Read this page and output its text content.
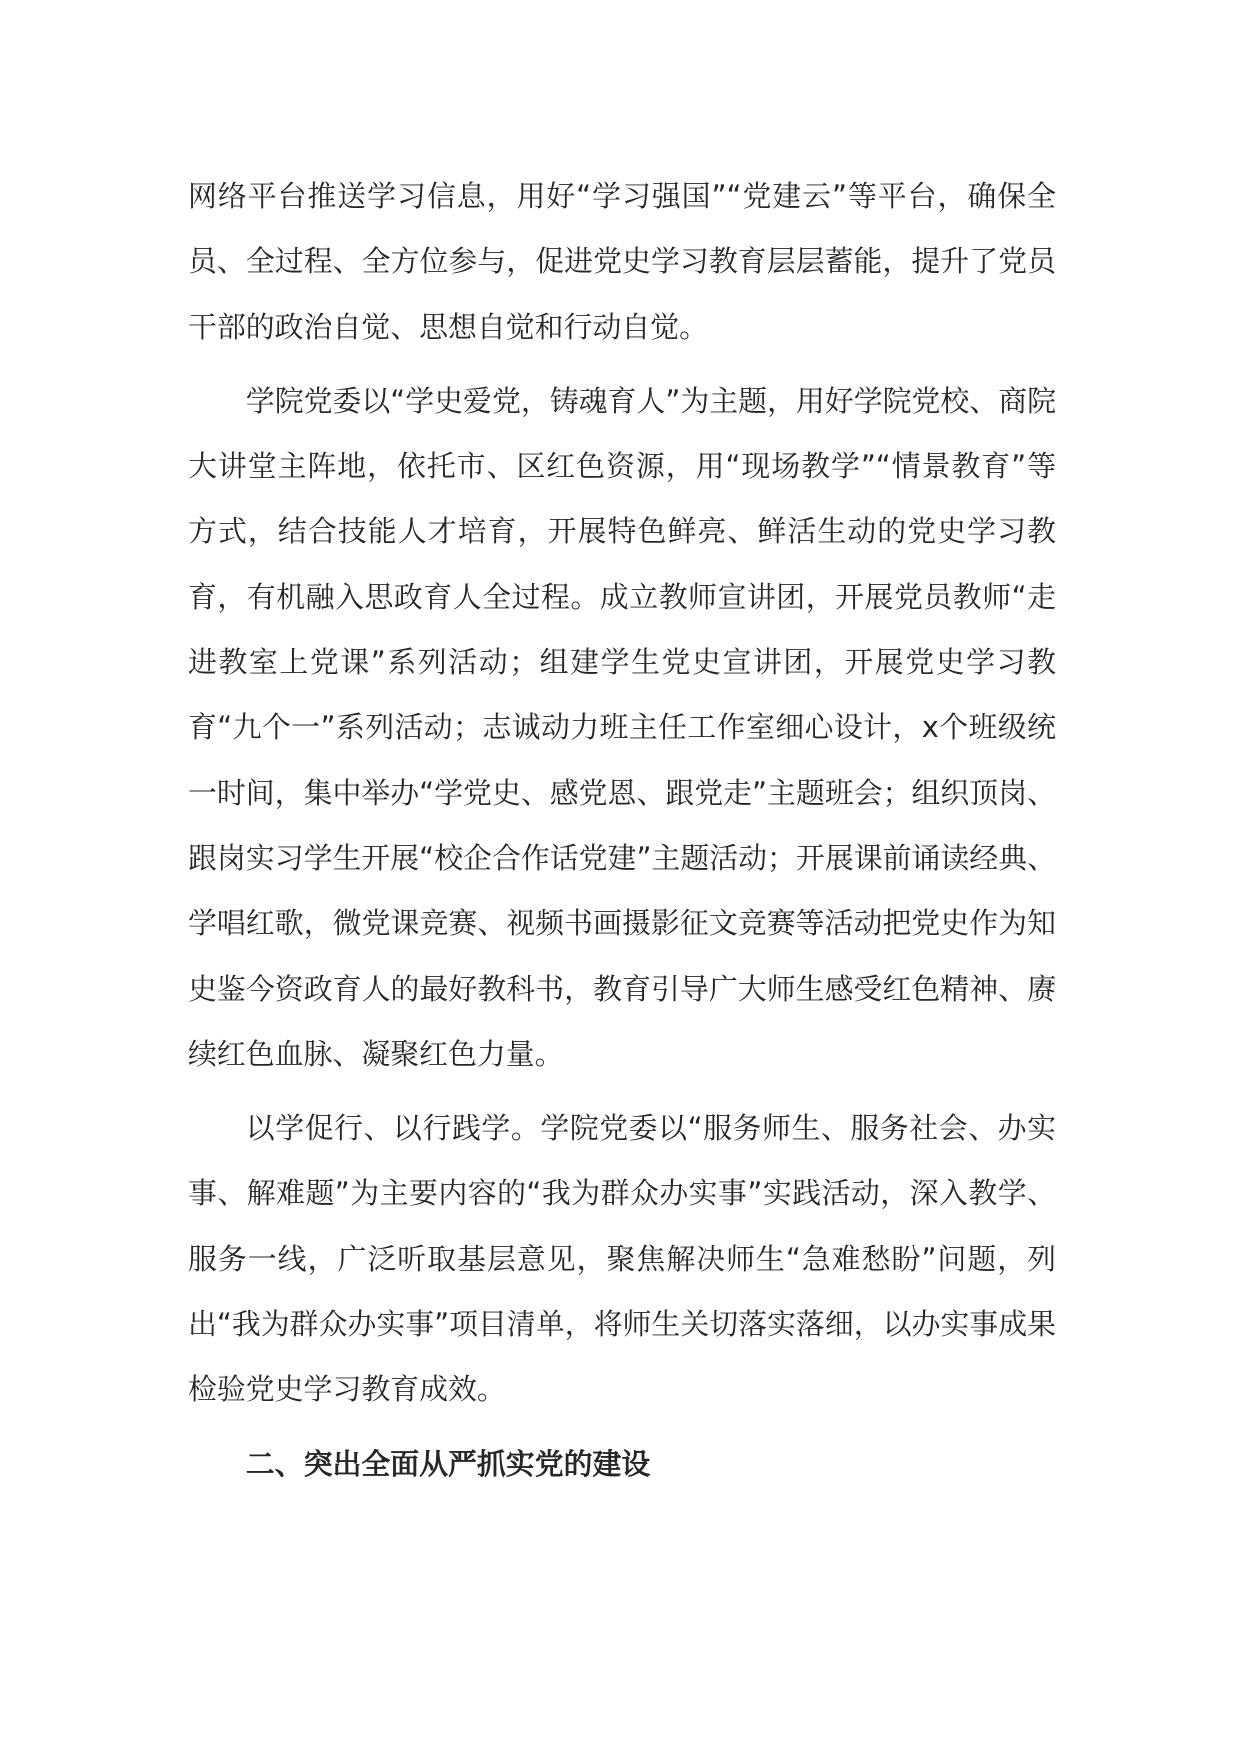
网络平台推送学习信息，用好“学习强国”“党建云”等平台，确保全员、全过程、全方位参与，促进党史学习教育层层蓄能，提升了党员干部的政治自觉、思想自觉和行动自觉。

学院党委以“学史爱党，铸魂育人”为主题，用好学院党校、商院大讲堂主阵地，依托市、区红色资源，用“现场教学”“情景教育”等方式，结合技能人才培育，开展特色鲜亮、鲜活生动的党史学习教育，有机融入思政育人全过程。成立教师宣讲团，开展党员教师“走进教室上党课”系列活动；组建学生党史宣讲团，开展党史学习教育“九个一”系列活动；志诚动力班主任工作室细心设计，x个班级统一时间，集中举办“学党史、感党恩、跟党走”主题班会；组织顶岗、跟岗实习学生开展“校企合作话党建”主题活动；开展课前诵读经典、学唱红歌，微党课竞赛、视频书画摄影征文竞赛等活动把党史作为知史鉴今资政育人的最好教科书，教育引导广大师生感受红色精神、赓续红色血脉、凝聚红色力量。

以学促行、以行践学。学院党委以“服务师生、服务社会、办实事、解难题”为主要内容的“我为群众办实事”实践活动，深入教学、服务一线，广泛听取基层意见，聚焦解决师生“急难愁盼”问题，列出“我为群众办实事”项目清单，将师生关切落实落细，以办实事成果检验党史学习教育成效。

二、突出全面从严抓实党的建设
